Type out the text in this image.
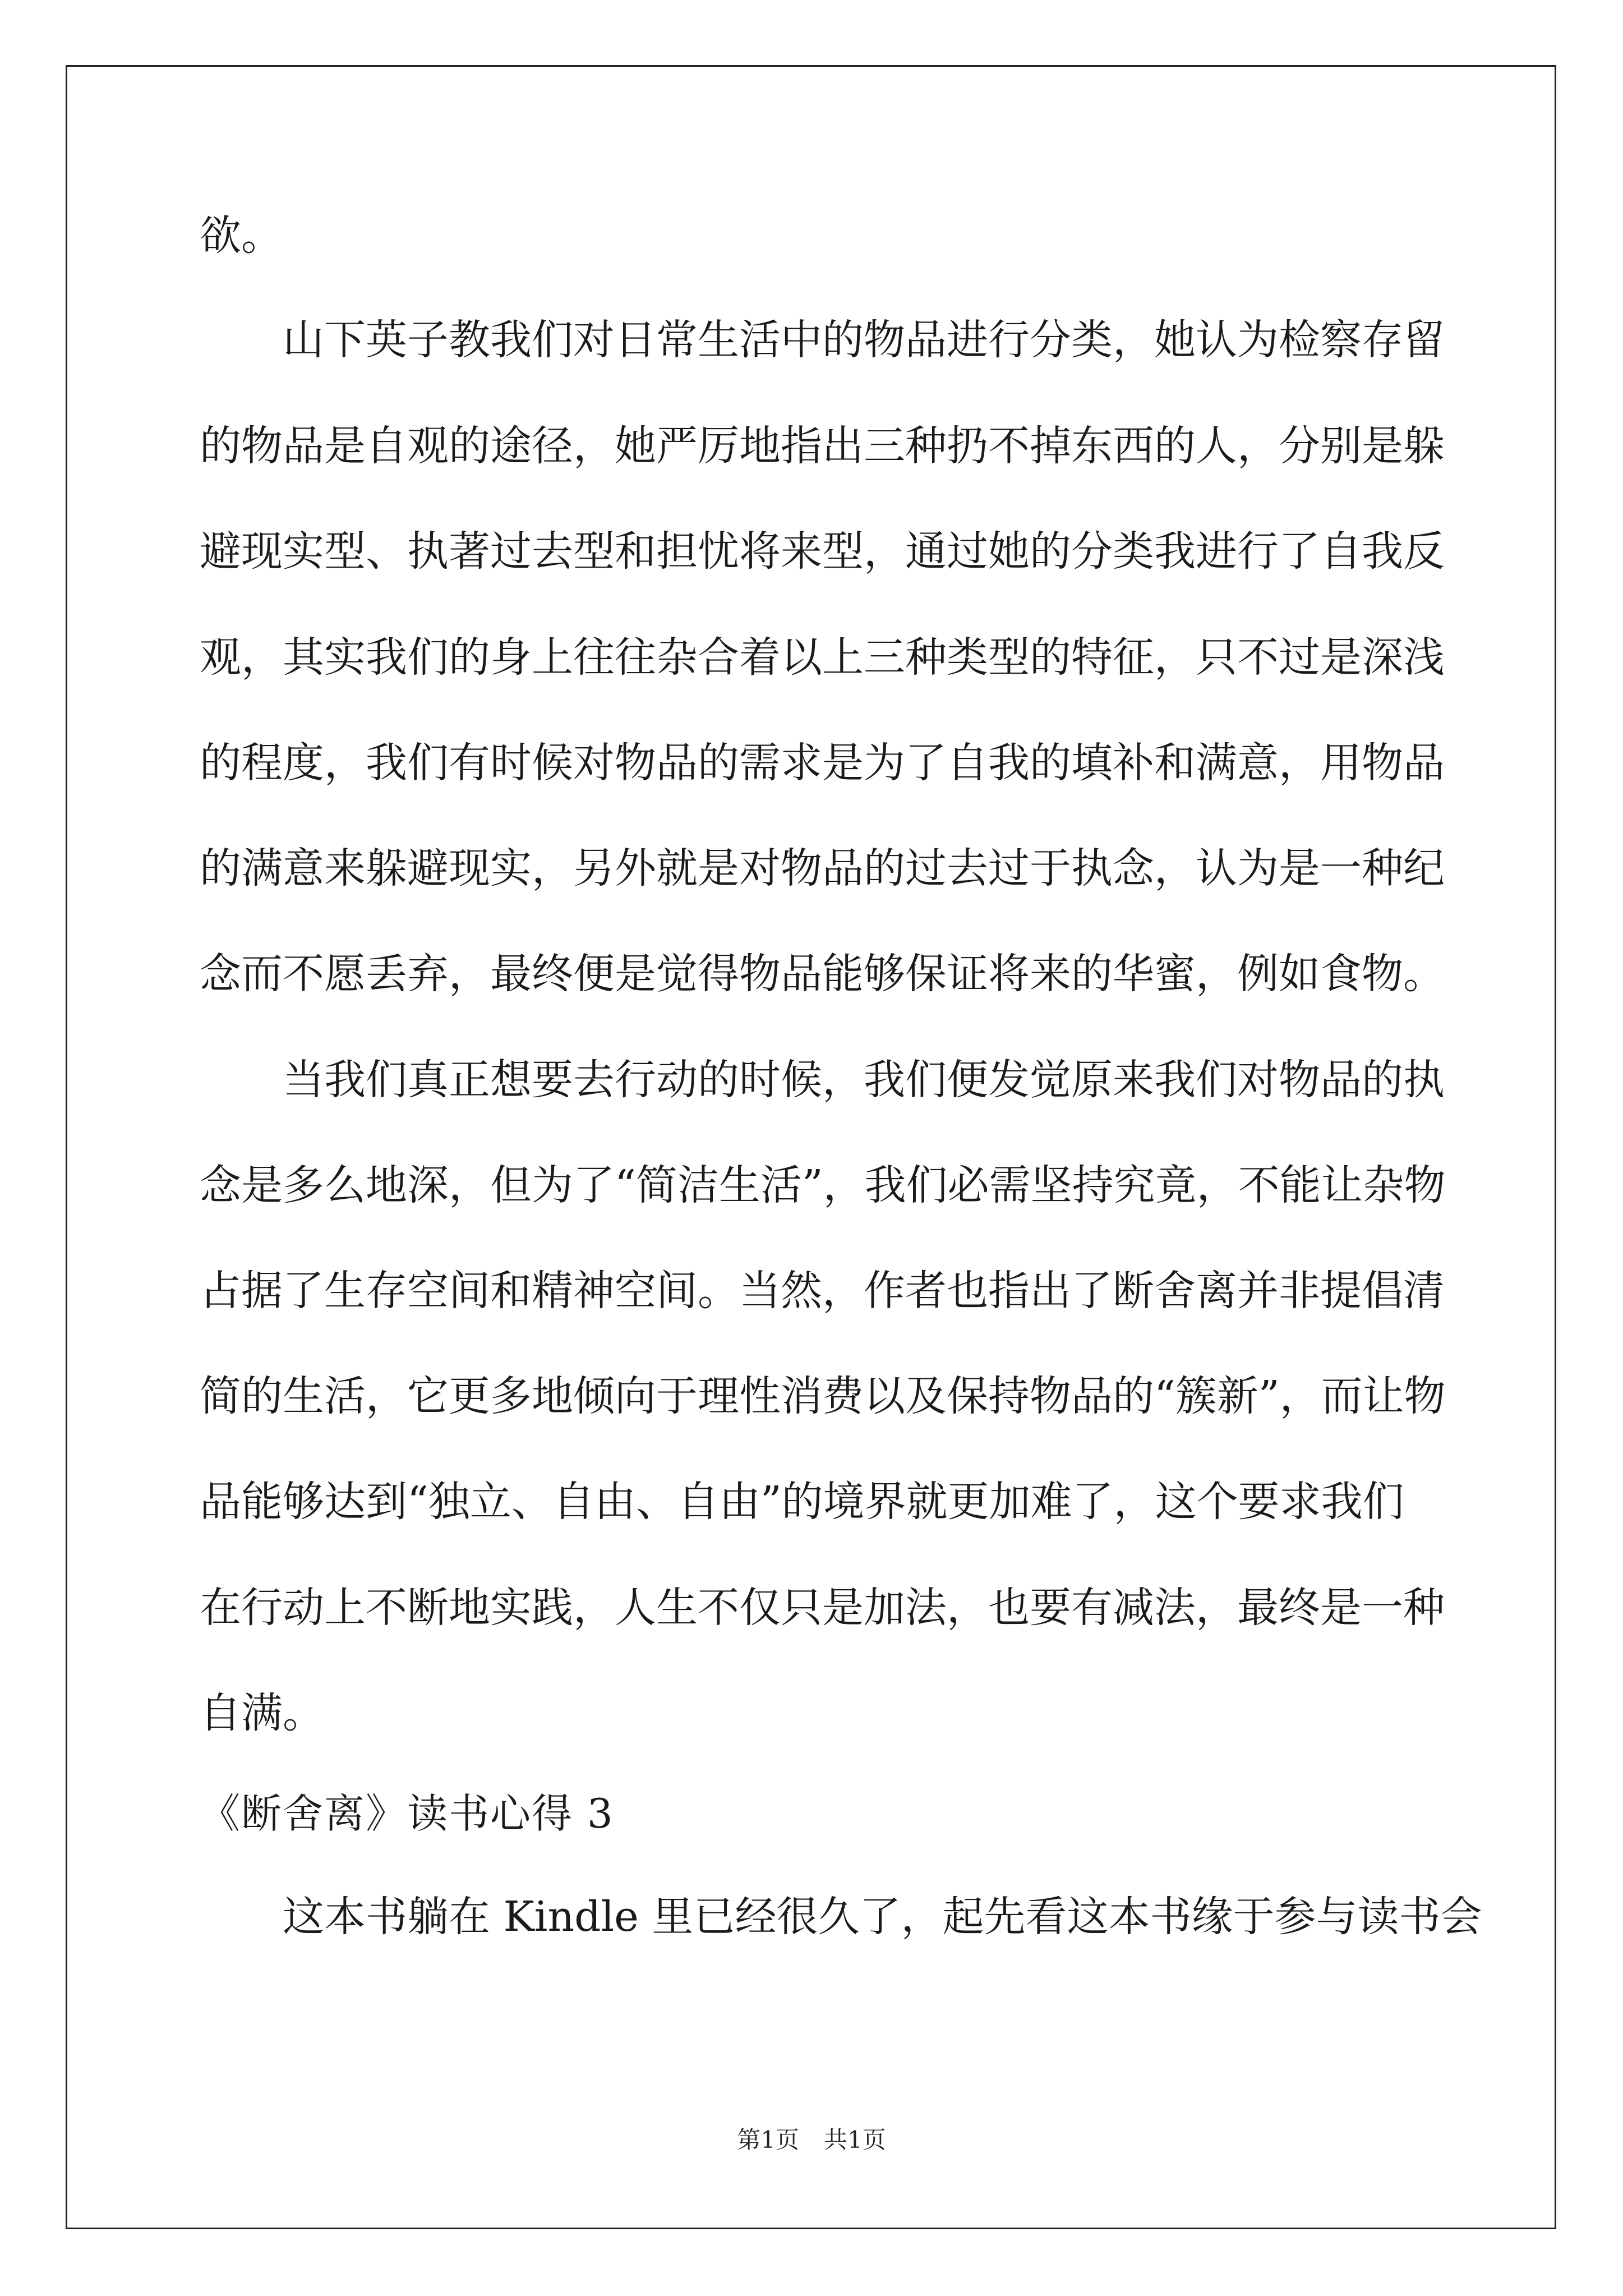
欲。
山下英子教我们对日常生活中的物品进行分类，她认为检察存留
的物品是自观的途径，她严厉地指出三种扔不掉东西的人，分别是躲
避现实型、执著过去型和担忧将来型，通过她的分类我进行了自我反
观，其实我们的身上往往杂合着以上三种类型的特征，只不过是深浅
的程度，我们有时候对物品的需求是为了自我的填补和满意，用物品
的满意来躲避现实，另外就是对物品的过去过于执念，认为是一种纪
念而不愿丢弃，最终便是觉得物品能够保证将来的华蜜，例如食物。
当我们真正想要去行动的时候，我们便发觉原来我们对物品的执
念是多么地深，但为了“简洁生活”，我们必需坚持究竟，不能让杂物
占据了生存空间和精神空间。当然，作者也指出了断舍离并非提倡清
简的生活，它更多地倾向于理性消费以及保持物品的“簇新”，而让物
品能够达到“独立、自由、自由”的境界就更加难了，这个要求我们
在行动上不断地实践，人生不仅只是加法，也要有减法，最终是一种
自满。
《断舍离》读书心得 3
这本书躺在 Kindle 里已经很久了，起先看这本书缘于参与读书会
第1页 共1页
